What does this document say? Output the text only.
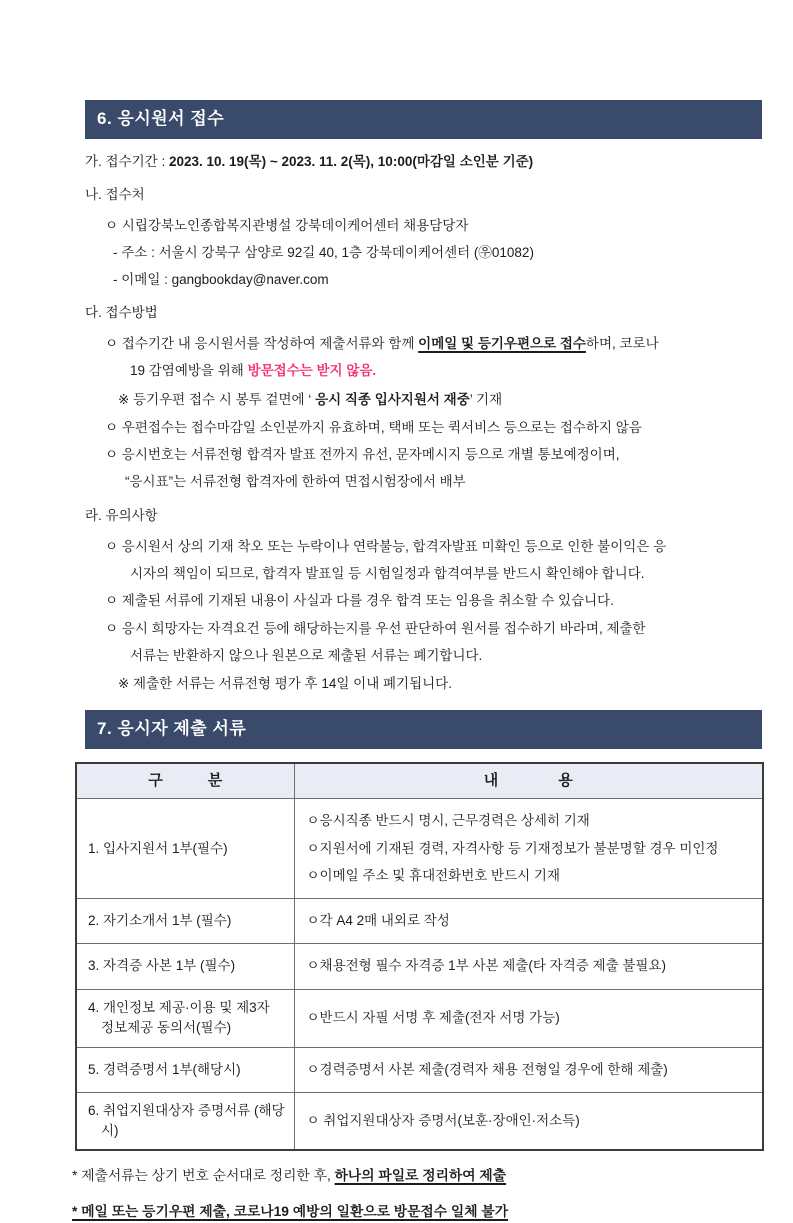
6. 응시원서 접수
가. 접수기간 : 2023. 10. 19(목) ~ 2023. 11. 2(목), 10:00(마감일 소인분 기준)
나. 접수처
ㅇ 시립강북노인종합복지관병설 강북데이케어센터 채용담당자
- 주소 : 서울시 강북구 삼양로 92길 40, 1층 강북데이케어센터 (㉾01082)
- 이메일 : gangbookday@naver.com
다. 접수방법
ㅇ 접수기간 내 응시원서를 작성하여 제출서류와 함께 이메일 및 등기우편으로 접수하며, 코로나
19 감염예방을 위해 방문접수는 받지 않음.
※ 등기우편 접수 시 봉투 겉면에 ‘ 응시 직종 입사지원서 재중’ 기재
ㅇ 우편접수는 접수마감일 소인분까지 유효하며, 택배 또는 퀵서비스 등으로는 접수하지 않음
ㅇ 응시번호는 서류전형 합격자 발표 전까지 유선, 문자메시지 등으로 개별 통보예정이며,
“응시표”는 서류전형 합격자에 한하여 면접시험장에서 배부
라. 유의사항
ㅇ 응시원서 상의 기재 착오 또는 누락이나 연락불능, 합격자발표 미확인 등으로 인한 불이익은 응
시자의 책임이 되므로, 합격자 발표일 등 시험일정과 합격여부를 반드시 확인해야 합니다.
ㅇ 제출된 서류에 기재된 내용이 사실과 다를 경우 합격 또는 임용을 취소할 수 있습니다.
ㅇ 응시 희망자는 자격요건 등에 해당하는지를 우선 판단하여 원서를 접수하기 바라며, 제출한
서류는 반환하지 않으나 원본으로 제출된 서류는 폐기합니다.
※ 제출한 서류는 서류전형 평가 후 14일 이내 폐기됩니다.
7. 응시자 제출 서류
구　　　분	내　　　　용
1. 입사지원서 1부(필수)	ㅇ응시직종 반드시 명시, 근무경력은 상세히 기재
ㅇ지원서에 기재된 경력, 자격사항 등 기재정보가 불분명할 경우 미인정
ㅇ이메일 주소 및 휴대전화번호 반드시 기재

2. 자기소개서 1부 (필수)	ㅇ각 A4 2매 내외로 작성

3. 자격증 사본 1부 (필수)	ㅇ채용전형 필수 자격증 1부 사본 제출(타 자격증 제출 불필요)

4. 개인정보 제공·이용 및 제3자 정보제공 동의서(필수)	ㅇ반드시 자필 서명 후 제출(전자 서명 가능)

5. 경력증명서 1부(해당시)	ㅇ경력증명서 사본 제출(경력자 채용 전형일 경우에 한해 제출)

6. 취업지원대상자 증명서류 (해당시)	ㅇ 취업지원대상자 증명서(보훈·장애인·저소득)
* 제출서류는 상기 번호 순서대로 정리한 후, 하나의 파일로 정리하여 제출
* 메일 또는 등기우편 제출, 코로나19 예방의 일환으로 방문접수 일체 불가
